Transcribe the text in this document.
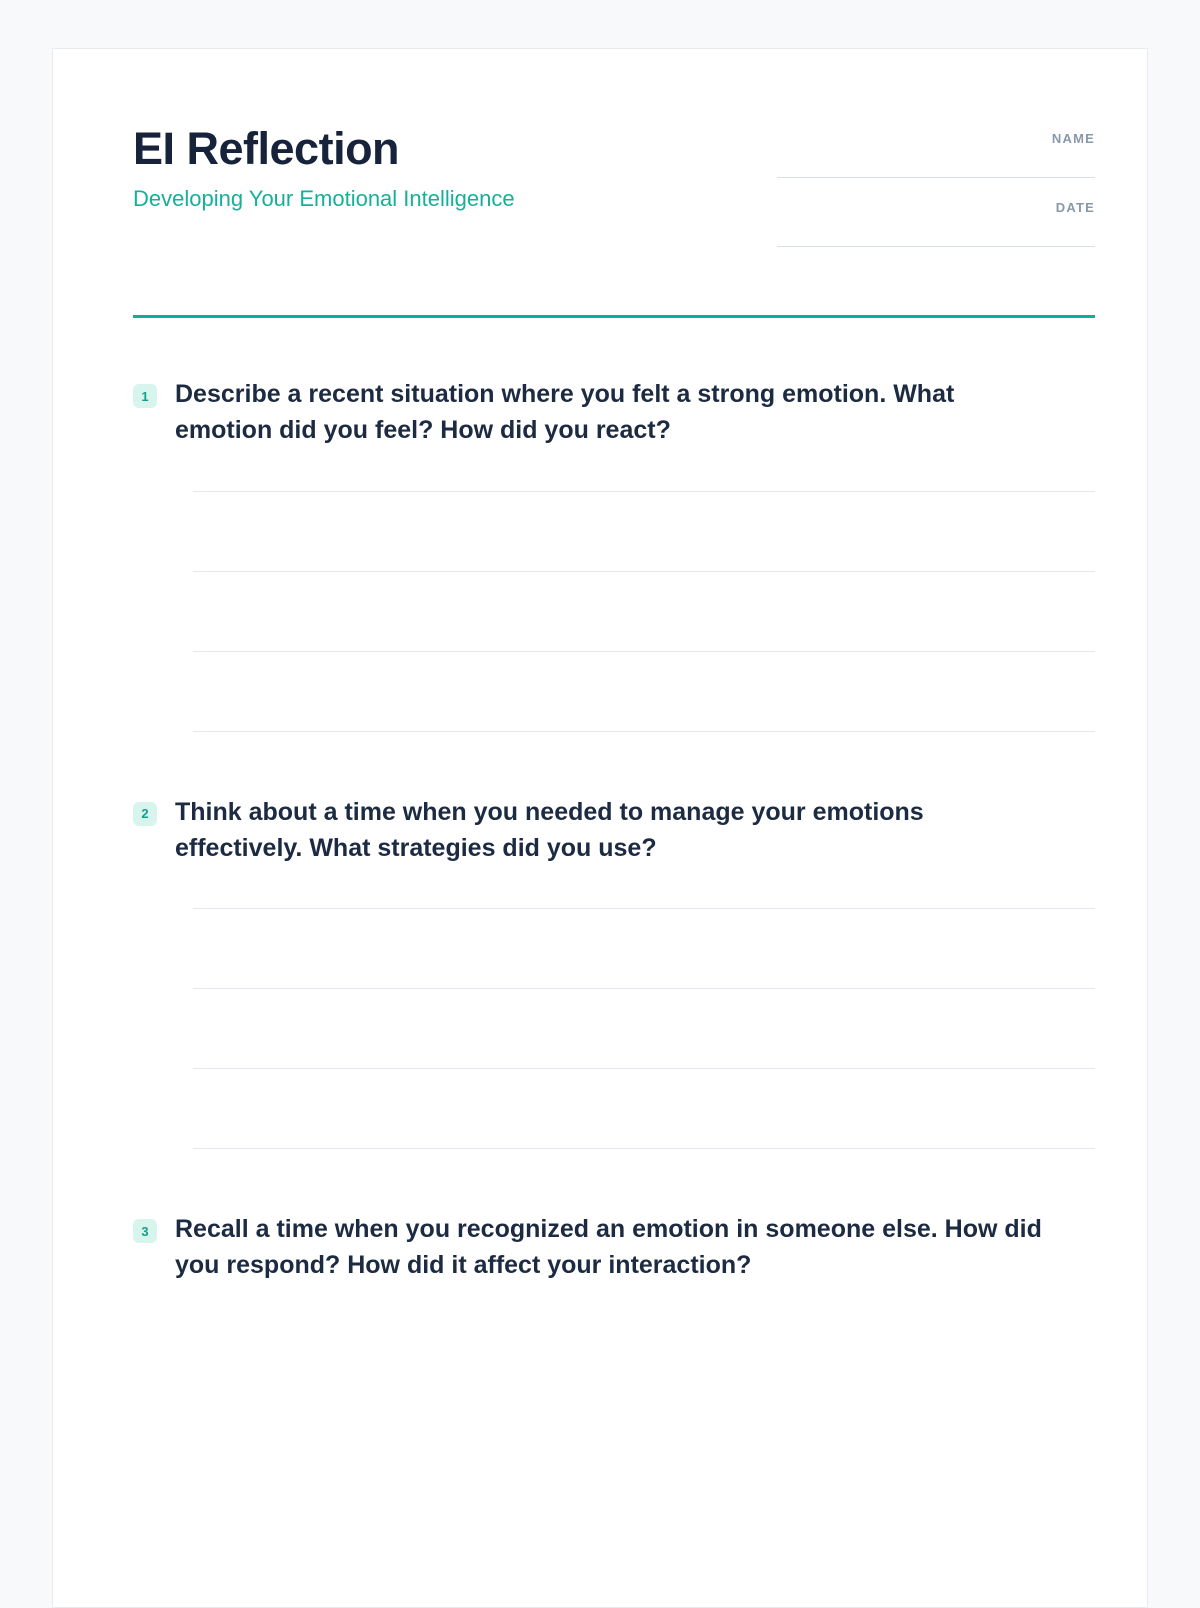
EI Reflection
Developing Your Emotional Intelligence
NAME
DATE
1	Describe a recent situation where you felt a strong emotion. What emotion did you feel? How did you react?
2	Think about a time when you needed to manage your emotions effectively. What strategies did you use?
3	Recall a time when you recognized an emotion in someone else. How did you respond? How did it affect your interaction?
